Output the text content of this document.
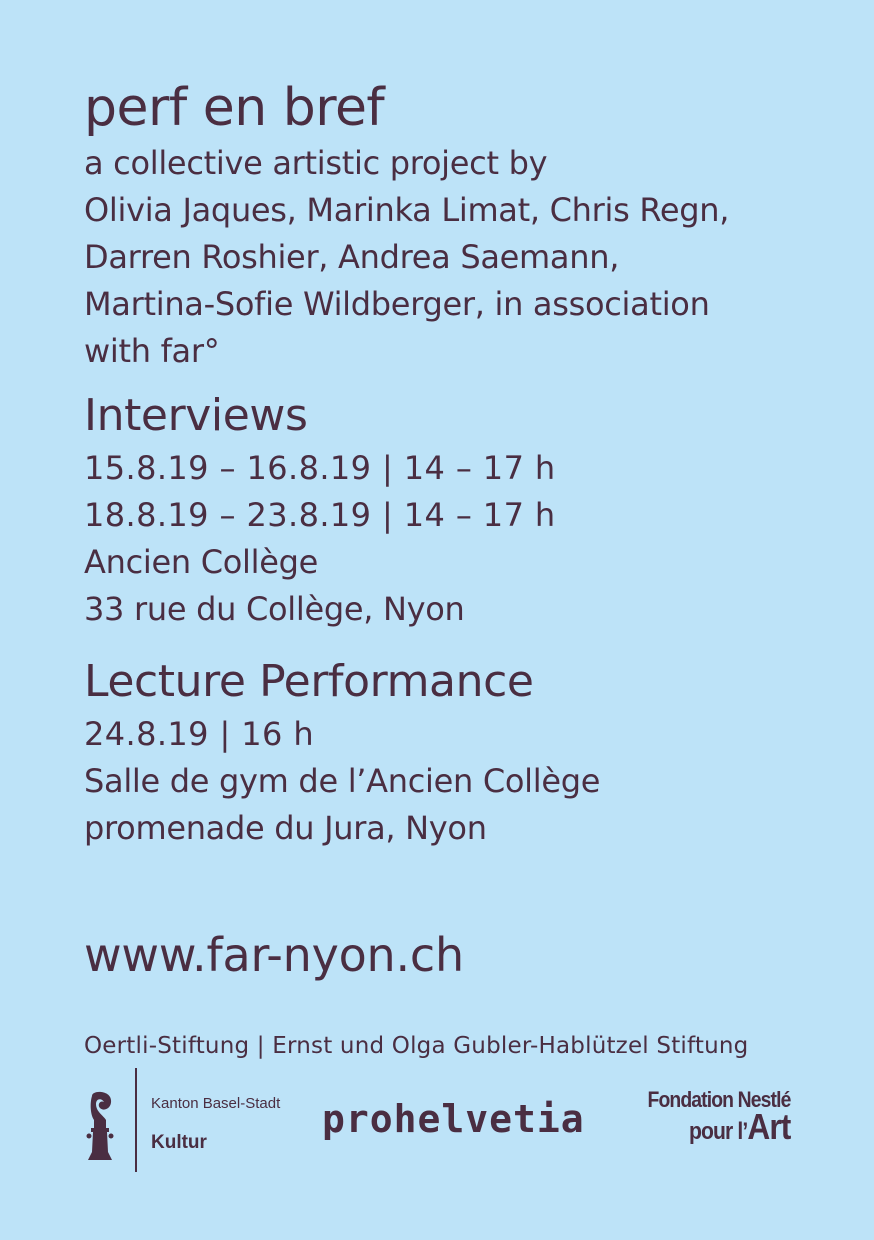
perf en bref
a collective artistic project by
Olivia Jaques, Marinka Limat, Chris Regn,
Darren Roshier, Andrea Saemann,
Martina-Sofie Wildberger, in association
with far°
Interviews
15.8.19 – 16.8.19 | 14 – 17 h
18.8.19 – 23.8.19 | 14 – 17 h
Ancien Collège
33 rue du Collège, Nyon
Lecture Performance
24.8.19 | 16 h
Salle de gym de l’Ancien Collège
promenade du Jura, Nyon
www.far-nyon.ch
Oertli-Stiftung | Ernst und Olga Gubler-Hablützel Stiftung
Kanton Basel-Stadt
Kultur
prohelvetia	Fondation Nestlé
pour l’Art
